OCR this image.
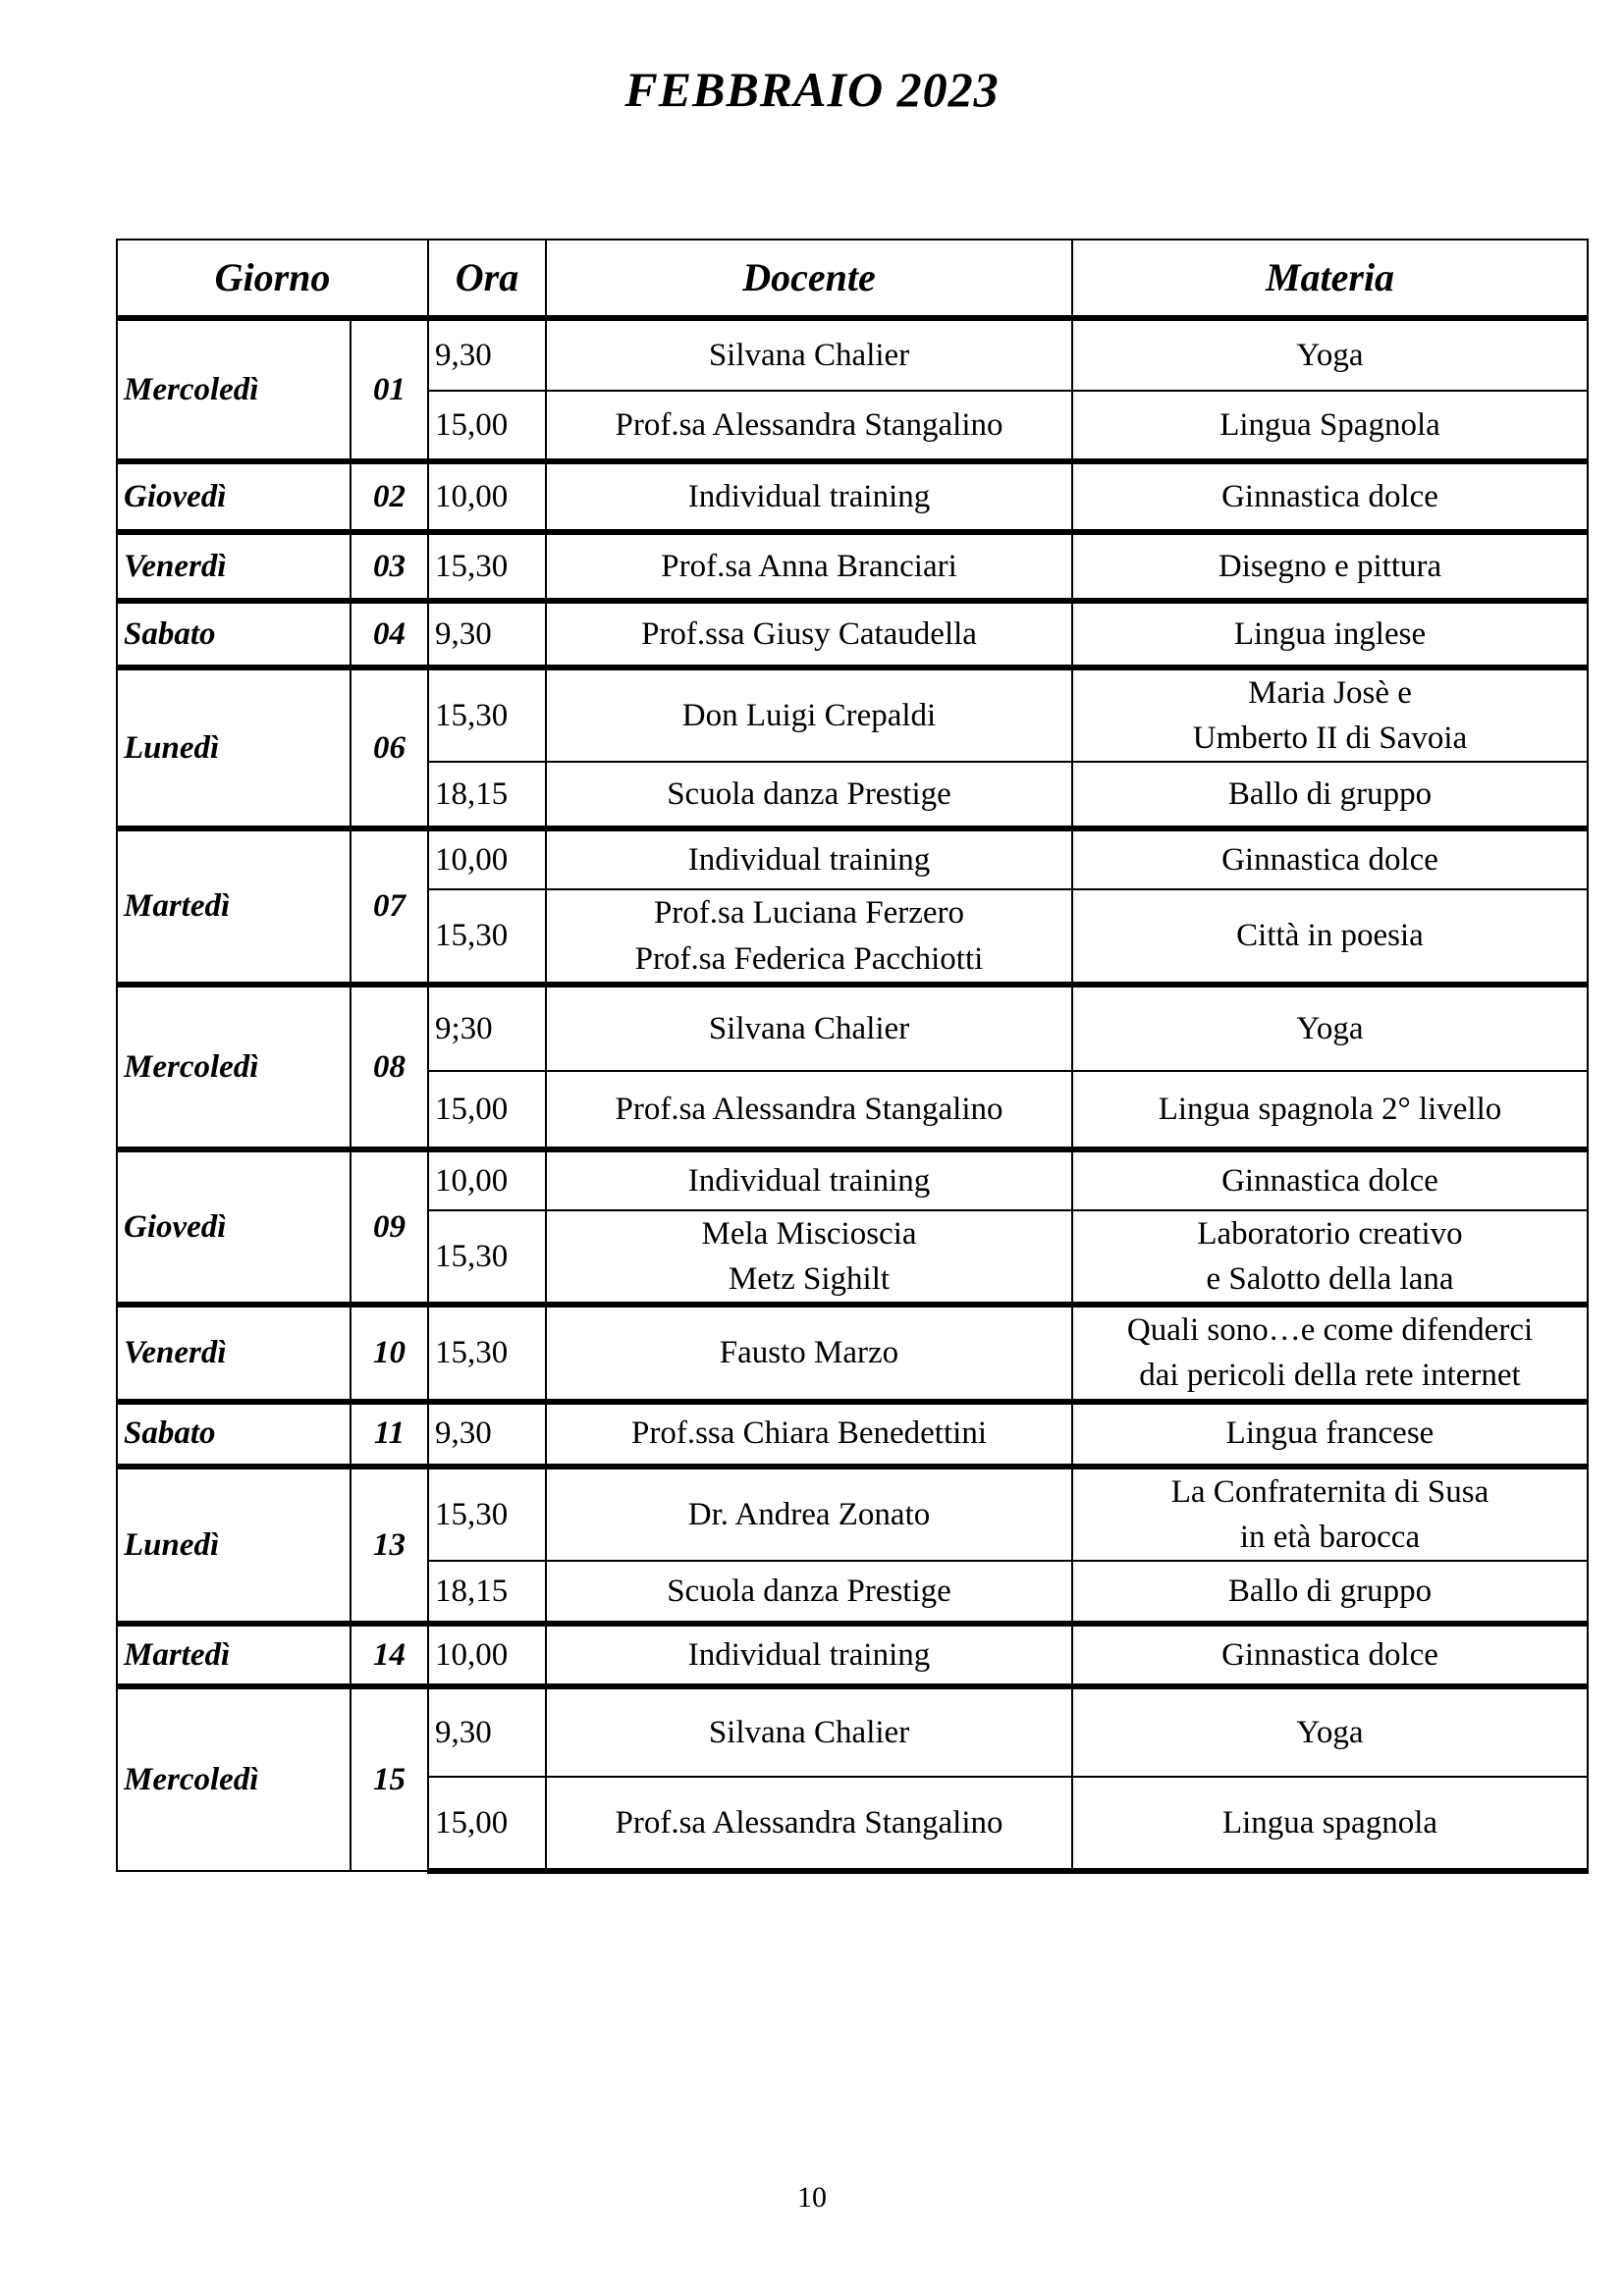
FEBBRAIO 2023
Giorno		Ora	Docente	Materia
Mercoledì	01	9,30	Silvana Chalier	Yoga

		15,00	Prof.sa Alessandra Stangalino	Lingua Spagnola

Giovedì	02	10,00	Individual training	Ginnastica dolce

Venerdì	03	15,30	Prof.sa Anna Branciari	Disegno e pittura

Sabato	04	9,30	Prof.ssa Giusy Cataudella	Lingua inglese

Lunedì	06	15,30	Don Luigi Crepaldi	Maria Josè e
Umberto II di Savoia

		18,15	Scuola danza Prestige	Ballo di gruppo

Martedì	07	10,00	Individual training	Ginnastica dolce

		15,30	Prof.sa Luciana Ferzero
Prof.sa Federica Pacchiotti	Città in poesia

Mercoledì	08	9;30	Silvana Chalier	Yoga

		15,00	Prof.sa Alessandra Stangalino	Lingua spagnola 2° livello

Giovedì	09	10,00	Individual training	Ginnastica dolce

		15,30	Mela Miscioscia
Metz Sighilt	Laboratorio creativo
e Salotto della lana

Venerdì	10	15,30	Fausto Marzo	Quali sono…e come difenderci
dai pericoli della rete internet

Sabato	11	9,30	Prof.ssa Chiara Benedettini	Lingua francese

Lunedì	13	15,30	Dr. Andrea Zonato	La Confraternita di Susa
in età barocca

		18,15	Scuola danza Prestige	Ballo di gruppo

Martedì	14	10,00	Individual training	Ginnastica dolce

Mercoledì	15	9,30	Silvana Chalier	Yoga

		15,00	Prof.sa Alessandra Stangalino	Lingua spagnola
10
